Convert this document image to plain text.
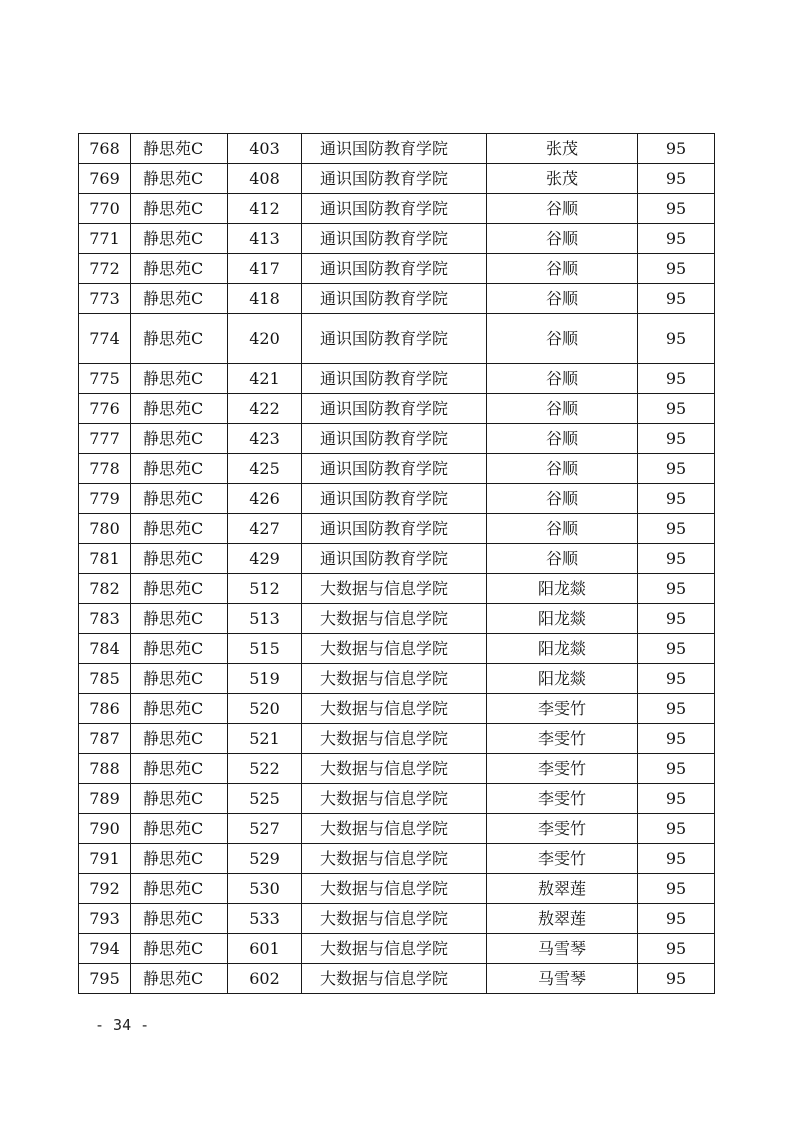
768	静思苑C	403	通识国防教育学院	张茂	95
769	静思苑C	408	通识国防教育学院	张茂	95
770	静思苑C	412	通识国防教育学院	谷顺	95
771	静思苑C	413	通识国防教育学院	谷顺	95
772	静思苑C	417	通识国防教育学院	谷顺	95
773	静思苑C	418	通识国防教育学院	谷顺	95
774	静思苑C	420	通识国防教育学院	谷顺	95
775	静思苑C	421	通识国防教育学院	谷顺	95
776	静思苑C	422	通识国防教育学院	谷顺	95
777	静思苑C	423	通识国防教育学院	谷顺	95
778	静思苑C	425	通识国防教育学院	谷顺	95
779	静思苑C	426	通识国防教育学院	谷顺	95
780	静思苑C	427	通识国防教育学院	谷顺	95
781	静思苑C	429	通识国防教育学院	谷顺	95
782	静思苑C	512	大数据与信息学院	阳龙燚	95
783	静思苑C	513	大数据与信息学院	阳龙燚	95
784	静思苑C	515	大数据与信息学院	阳龙燚	95
785	静思苑C	519	大数据与信息学院	阳龙燚	95
786	静思苑C	520	大数据与信息学院	李雯竹	95
787	静思苑C	521	大数据与信息学院	李雯竹	95
788	静思苑C	522	大数据与信息学院	李雯竹	95
789	静思苑C	525	大数据与信息学院	李雯竹	95
790	静思苑C	527	大数据与信息学院	李雯竹	95
791	静思苑C	529	大数据与信息学院	李雯竹	95
792	静思苑C	530	大数据与信息学院	敖翠莲	95
793	静思苑C	533	大数据与信息学院	敖翠莲	95
794	静思苑C	601	大数据与信息学院	马雪琴	95
795	静思苑C	602	大数据与信息学院	马雪琴	95
- 34 -
